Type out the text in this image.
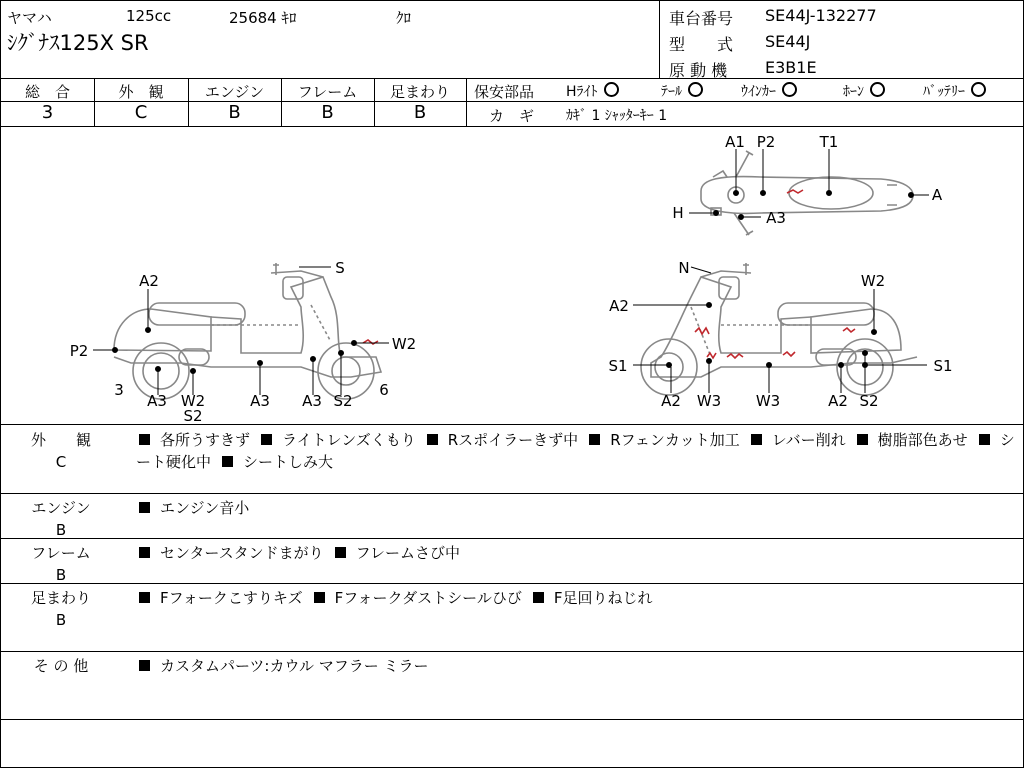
ヤマハ	125cc	25684 ｷﾛ	ｸﾛ
ｼｸﾞﾅｽ125X SR
車台番号 SE44J-132277
型　　式 SE44J
原 動 機 E3B1E
総　合	外　観	エンジン	フレーム	足まわり
3	C	B	B	B
保安部品 Hﾗｲﾄ	ﾃｰﾙ	ｳｲﾝｶｰ	ﾎｰﾝ	ﾊﾞｯﾃﾘｰ
カ　ギ ｶｷﾞ 1 ｼｬｯﾀｰｷｰ 1
A1 P2	T1
A
H	A3
S
A2
W2
P2
3
A3 W2
S2
A3 A3 S2
6
N
W2
A2
S1	S1
A2 W3 W3	A2 S2
外　　観
C
各所うすきず ライトレンズくもり Rスポイラーきず中 Rフェンカット加工 レバー削れ 樹脂部色あせ シート硬化中 シートしみ大
エンジン
B
エンジン音小
フレーム
B
センタースタンドまがり フレームさび中
足まわり
B
Fフォークこすりキズ Fフォークダストシールひび F足回りねじれ
そ の 他	カスタムパーツ:カウル マフラー ミラー
